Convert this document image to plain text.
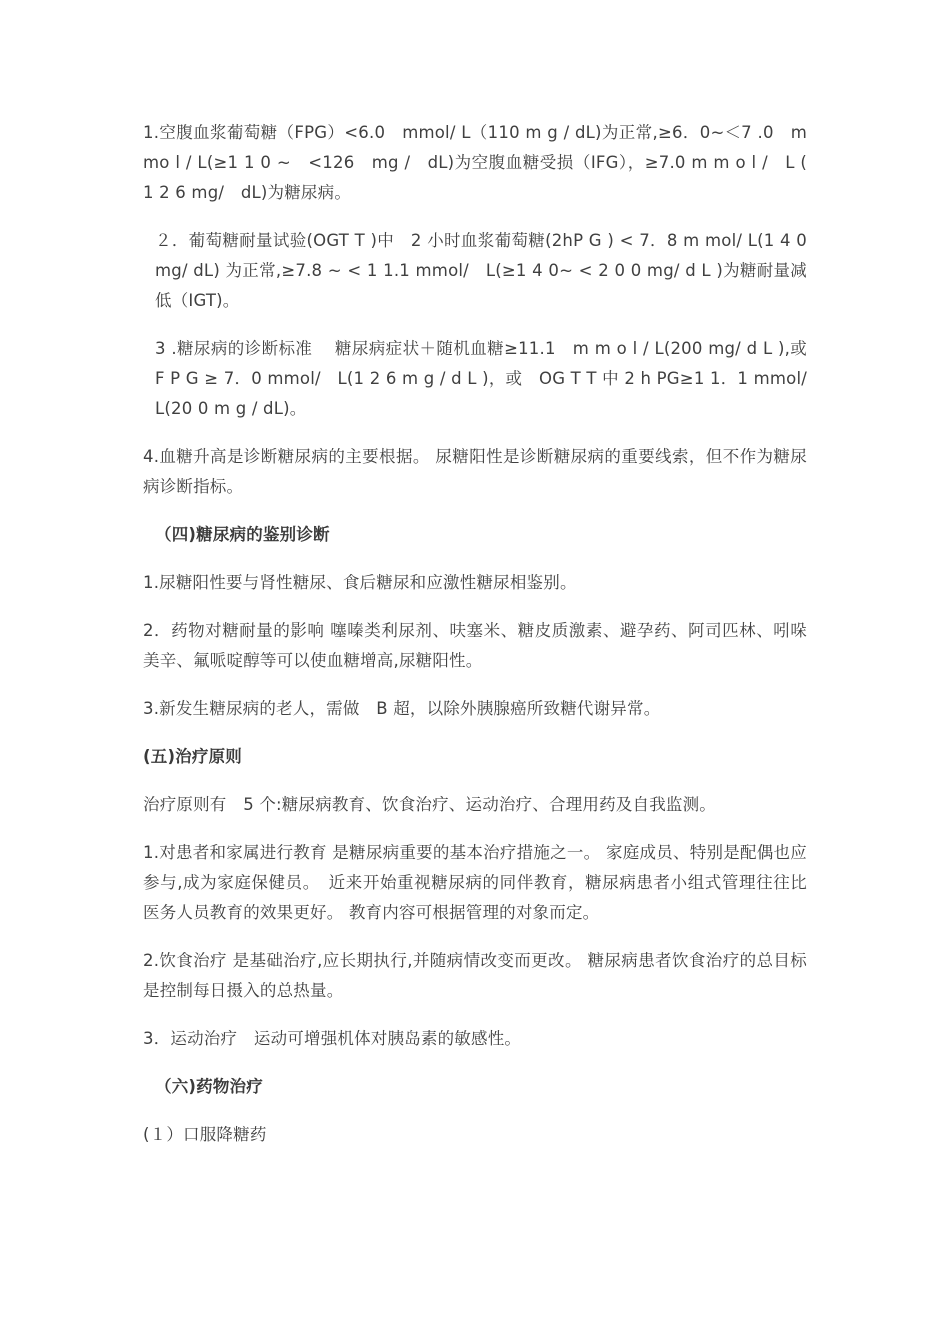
1.空腹血浆葡萄糖（FPG）<6.0　mmol/ L（110 m g / dL)为正常,≥6．0~＜7 .0　mmo l / L(≥1 1 0 ~　<126　mg /　dL)为空腹血糖受损（IFG），≥7.0 m m o l /　L ( 1 2 6 mg/　dL)为糖尿病。

２．葡萄糖耐量试验(OGT T )中　2 小时血浆葡萄糖(2hP G ) < 7．8 m mol/ L(1 4 0 mg/ dL) 为正常,≥7.8 ~ < 1 1.1 mmol/　L(≥1 4 0~ < 2 0 0 mg/ d L )为糖耐量减低（IGT)。

3 .糖尿病的诊断标准　 糖尿病症状＋随机血糖≥11.1　m m o l / L(200 mg/ d L ),或　F P G ≥ 7．0 mmol/　L(1 2 6 m g / d L )，或　OG T T 中 2 h PG≥1 1．1 mmol/ L(20 0 m g / dL)。

4.血糖升高是诊断糖尿病的主要根据。 尿糖阳性是诊断糖尿病的重要线索，但不作为糖尿病诊断指标。

（四)糖尿病的鉴别诊断

1.尿糖阳性要与肾性糖尿、食后糖尿和应激性糖尿相鉴别。

2．药物对糖耐量的影响 噻嗪类利尿剂、呋塞米、糖皮质激素、避孕药、阿司匹林、吲哚美辛、氟哌啶醇等可以使血糖增高,尿糖阳性。

3.新发生糖尿病的老人，需做　B 超，以除外胰腺癌所致糖代谢异常。

(五)治疗原则

治疗原则有　5 个:糖尿病教育、饮食治疗、运动治疗、合理用药及自我监测。

1.对患者和家属进行教育 是糖尿病重要的基本治疗措施之一。 家庭成员、特别是配偶也应参与,成为家庭保健员。　近来开始重视糖尿病的同伴教育，糖尿病患者小组式管理往往比医务人员教育的效果更好。 教育内容可根据管理的对象而定。

2.饮食治疗 是基础治疗,应长期执行,并随病情改变而更改。 糖尿病患者饮食治疗的总目标是控制每日摄入的总热量。

3．运动治疗　运动可增强机体对胰岛素的敏感性。

（六)药物治疗

(１）口服降糖药
